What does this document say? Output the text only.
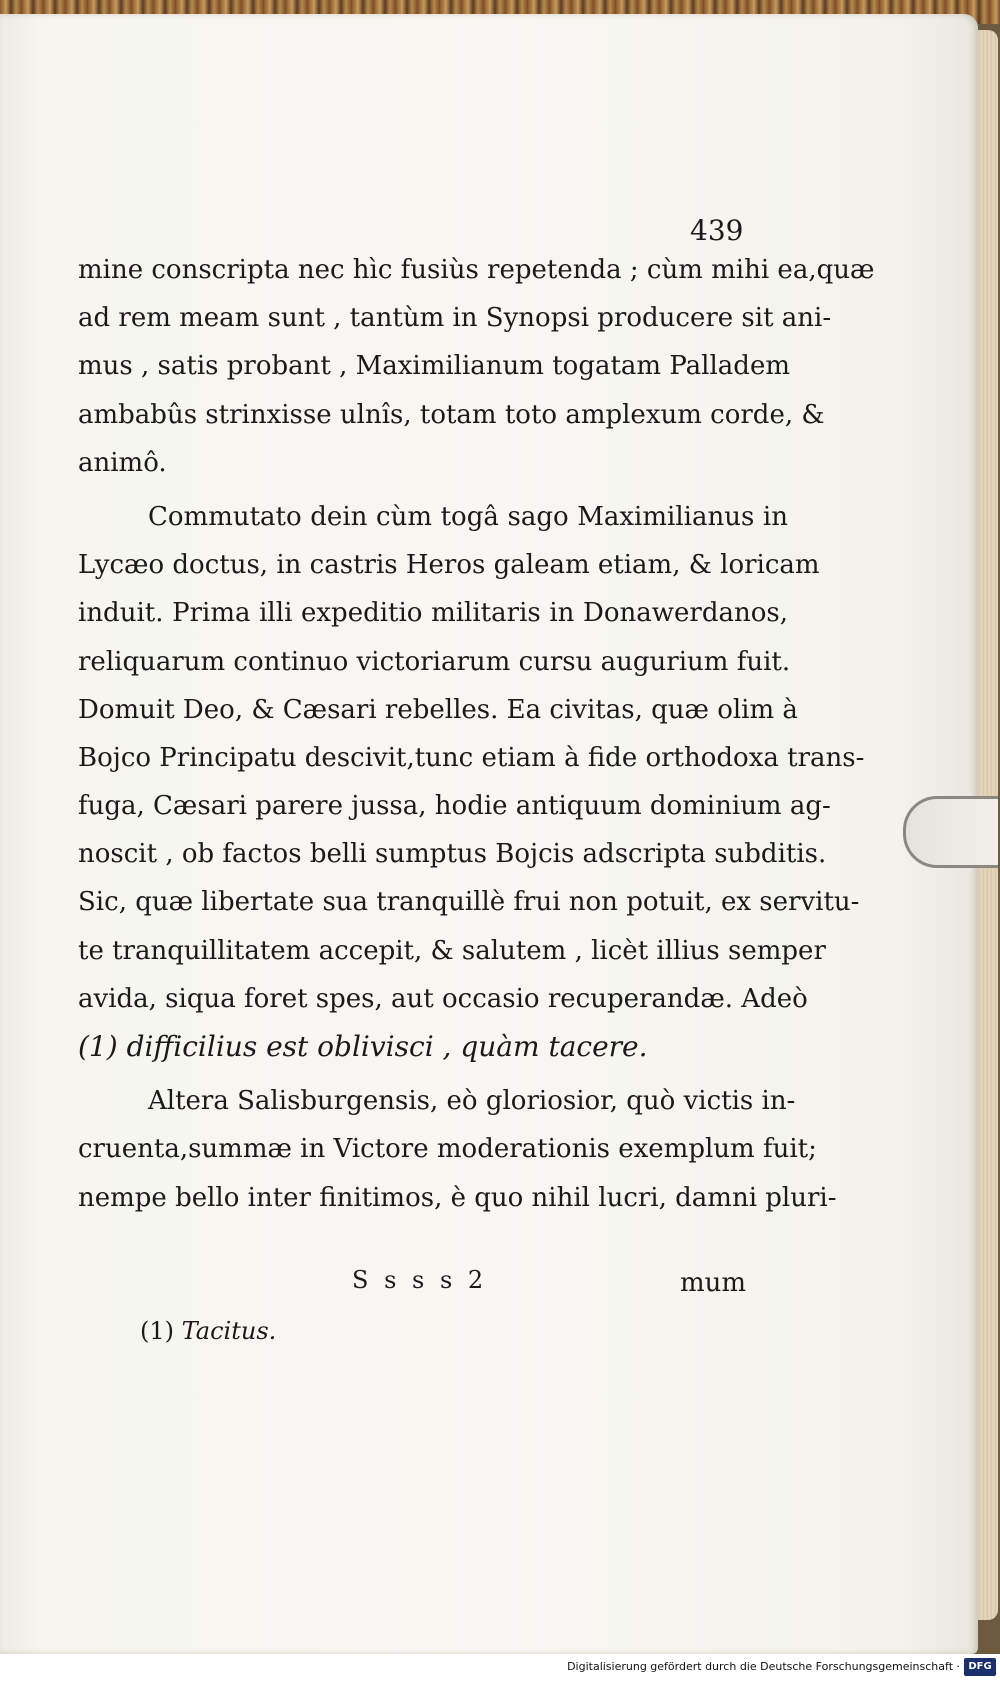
439
mine conscripta nec hìc fusiùs repetenda ; cùm mihi ea,quæ
ad rem meam sunt , tantùm in Synopsi producere sit ani-
mus , satis probant , Maximilianum togatam Palladem
ambabûs strinxisse ulnîs, totam toto amplexum corde, &
animô.
Commutato dein cùm togâ sago Maximilianus in
Lycæo doctus, in castris Heros galeam etiam, & loricam
induit. Prima illi expeditio militaris in Donawerdanos,
reliquarum continuo victoriarum cursu augurium fuit.
Domuit Deo, & Cæsari rebelles. Ea civitas, quæ olim à
Bojco Principatu descivit,tunc etiam à fide orthodoxa trans-
fuga, Cæsari parere jussa, hodie antiquum dominium ag-
noscit , ob factos belli sumptus Bojcis adscripta subditis.
Sic, quæ libertate sua tranquillè frui non potuit, ex servitu-
te tranquillitatem accepit, & salutem , licèt illius semper
avida, siqua foret spes, aut occasio recuperandæ. Adeò
(1) difficilius est oblivisci , quàm tacere.
Altera Salisburgensis, eò gloriosior, quò victis in-
cruenta,summæ in Victore moderationis exemplum fuit;
nempe bello inter finitimos, è quo nihil lucri, damni pluri-
S s s s 2	mum
(1) Tacitus.
Digitalisierung gefördert durch die Deutsche Forschungsgemeinschaft · DFG
